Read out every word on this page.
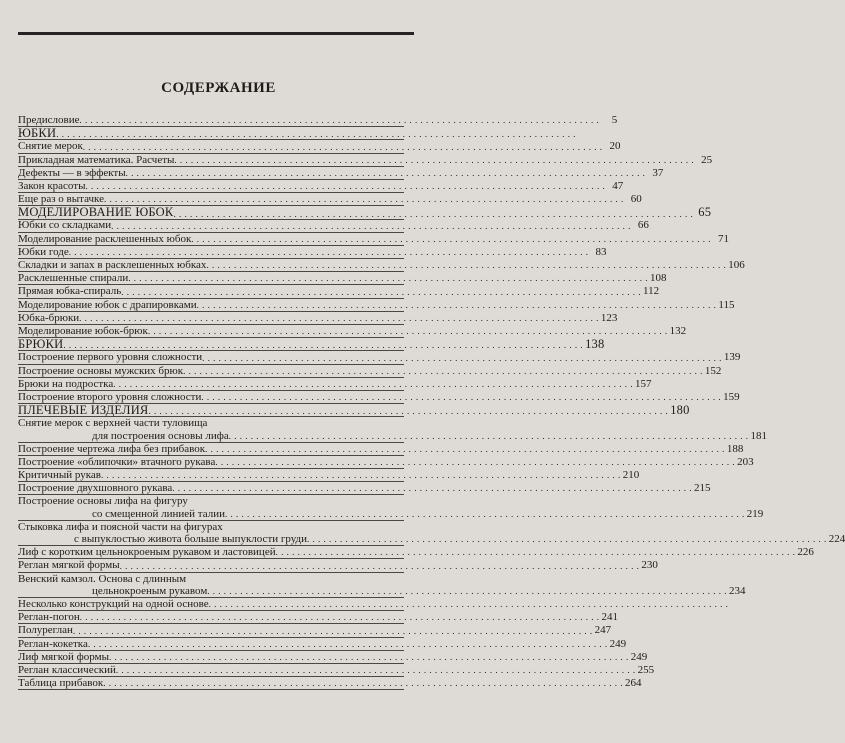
СОДЕРЖАНИЕ
Предисловие . . .	5
ЮБКИ
. . .
Снятие мерок . . .	20
Прикладная математика. Расчеты . . .	25
Дефекты — в эффекты . . .	37
Закон красоты . . .	47
Еще раз о вытачке . . .	60
МОДЕЛИРОВАНИЕ ЮБОК . . .	65
Юбки со складками . . .	66
Моделирование расклешенных юбок . . .	71
Юбки годе . . .	83
Складки и запах в расклешенных юбках . . .	106
Расклешенные спирали . . .	108
Прямая юбка-спираль . . .	112
Моделирование юбок с драпировками . . .	115
Юбка-брюки . . .	123
Моделирование юбок-брюк . . .	132
БРЮКИ . . .	138
Построение первого уровня сложности . . .	139
Построение основы мужских брюк . . .	152
Брюки на подростка . . .	157
Построение второго уровня сложности . . .	159
ПЛЕЧЕВЫЕ ИЗДЕЛИЯ . . .	180
Снятие мерок с верхней части туловища
для построения основы лифа . . .	181
Построение чертежа лифа без прибавок . . .	188
Построение «облипочки» втачного рукава . . .	203
Критичный рукав . . .	210
Построение двухшовного рукава . . .	215
Построение основы лифа на фигуру
со смещенной линией талии . . .	219
Стыковка лифа и поясной части на фигурах
с выпуклостью живота больше выпуклости груди . . .	224
Лиф с коротким цельнокроеным рукавом и ластовицей . . .	226
Реглан мягкой формы . . .	230
Венский камзол. Основа с длинным
цельнокроеным рукавом . . .	234
Несколько конструкций на одной основе
. . .
Реглан-погон . . .	241
Полуреглан . . .	247
Реглан-кокетка . . .	249
Лиф мягкой формы . . .	249
Реглан классический . . .	255
Таблица прибавок . . .	264
